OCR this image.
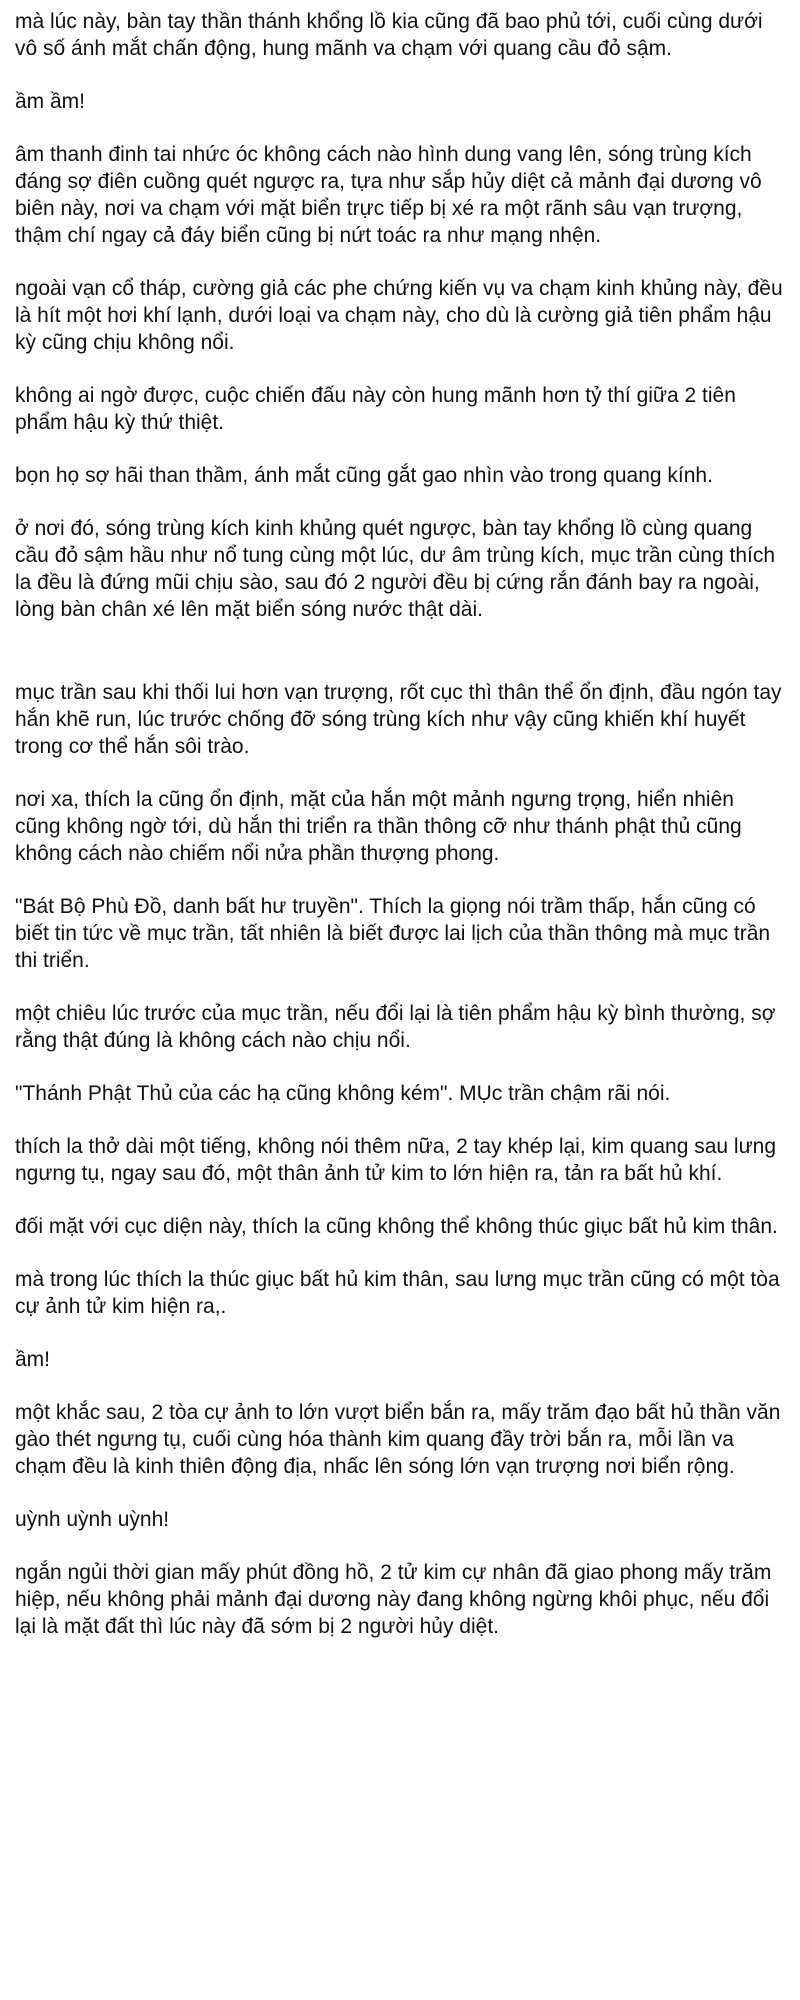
mà lúc này, bàn tay thần thánh khổng lồ kia cũng đã bao phủ tới, cuối cùng dưới vô số ánh mắt chấn động, hung mãnh va chạm với quang cầu đỏ sậm.

ầm ầm!

âm thanh đinh tai nhức óc không cách nào hình dung vang lên, sóng trùng kích đáng sợ điên cuồng quét ngược ra, tựa như sắp hủy diệt cả mảnh đại dương vô biên này, nơi va chạm với mặt biển trực tiếp bị xé ra một rãnh sâu vạn trượng, thậm chí ngay cả đáy biển cũng bị nứt toác ra như mạng nhện.

ngoài vạn cổ tháp, cường giả các phe chứng kiến vụ va chạm kinh khủng này, đều là hít một hơi khí lạnh, dưới loại va chạm này, cho dù là cường giả tiên phẩm hậu kỳ cũng chịu không nổi.

không ai ngờ được, cuộc chiến đấu này còn hung mãnh hơn tỷ thí giữa 2 tiên phẩm hậu kỳ thứ thiệt.

bọn họ sợ hãi than thầm, ánh mắt cũng gắt gao nhìn vào trong quang kính.

ở nơi đó, sóng trùng kích kinh khủng quét ngược, bàn tay khổng lồ cùng quang cầu đỏ sậm hầu như nổ tung cùng một lúc, dư âm trùng kích, mục trần cùng thích la đều là đứng mũi chịu sào, sau đó 2 người đều bị cứng rắn đánh bay ra ngoài, lòng bàn chân xé lên mặt biển sóng nước thật dài.

mục trần sau khi thối lui hơn vạn trượng, rốt cục thì thân thể ổn định, đầu ngón tay hắn khẽ run, lúc trước chống đỡ sóng trùng kích như vậy cũng khiến khí huyết trong cơ thể hắn sôi trào.

nơi xa, thích la cũng ổn định, mặt của hắn một mảnh ngưng trọng, hiển nhiên cũng không ngờ tới, dù hắn thi triển ra thần thông cỡ như thánh phật thủ cũng không cách nào chiếm nổi nửa phần thượng phong.

"Bát Bộ Phù Đồ, danh bất hư truyền". Thích la giọng nói trầm thấp, hắn cũng có biết tin tức về mục trần, tất nhiên là biết được lai lịch của thần thông mà mục trần thi triển.

một chiêu lúc trước của mục trần, nếu đổi lại là tiên phẩm hậu kỳ bình thường, sợ rằng thật đúng là không cách nào chịu nổi.

"Thánh Phật Thủ của các hạ cũng không kém". MỤc trần chậm rãi nói.

thích la thở dài một tiếng, không nói thêm nữa, 2 tay khép lại, kim quang sau lưng ngưng tụ, ngay sau đó, một thân ảnh tử kim to lớn hiện ra, tản ra bất hủ khí.

đối mặt với cục diện này, thích la cũng không thể không thúc giục bất hủ kim thân.

mà trong lúc thích la thúc giục bất hủ kim thân, sau lưng mục trần cũng có một tòa cự ảnh tử kim hiện ra,.

ầm!

một khắc sau, 2 tòa cự ảnh to lớn vượt biển bắn ra, mấy trăm đạo bất hủ thần văn gào thét ngưng tụ, cuối cùng hóa thành kim quang đầy trời bắn ra, mỗi lần va chạm đều là kinh thiên động địa, nhấc lên sóng lớn vạn trượng nơi biển rộng.

uỳnh uỳnh uỳnh!

ngắn ngủi thời gian mấy phút đồng hồ, 2 tử kim cự nhân đã giao phong mấy trăm hiệp, nếu không phải mảnh đại dương này đang không ngừng khôi phục, nếu đổi lại là mặt đất thì lúc này đã sớm bị 2 người hủy diệt.
